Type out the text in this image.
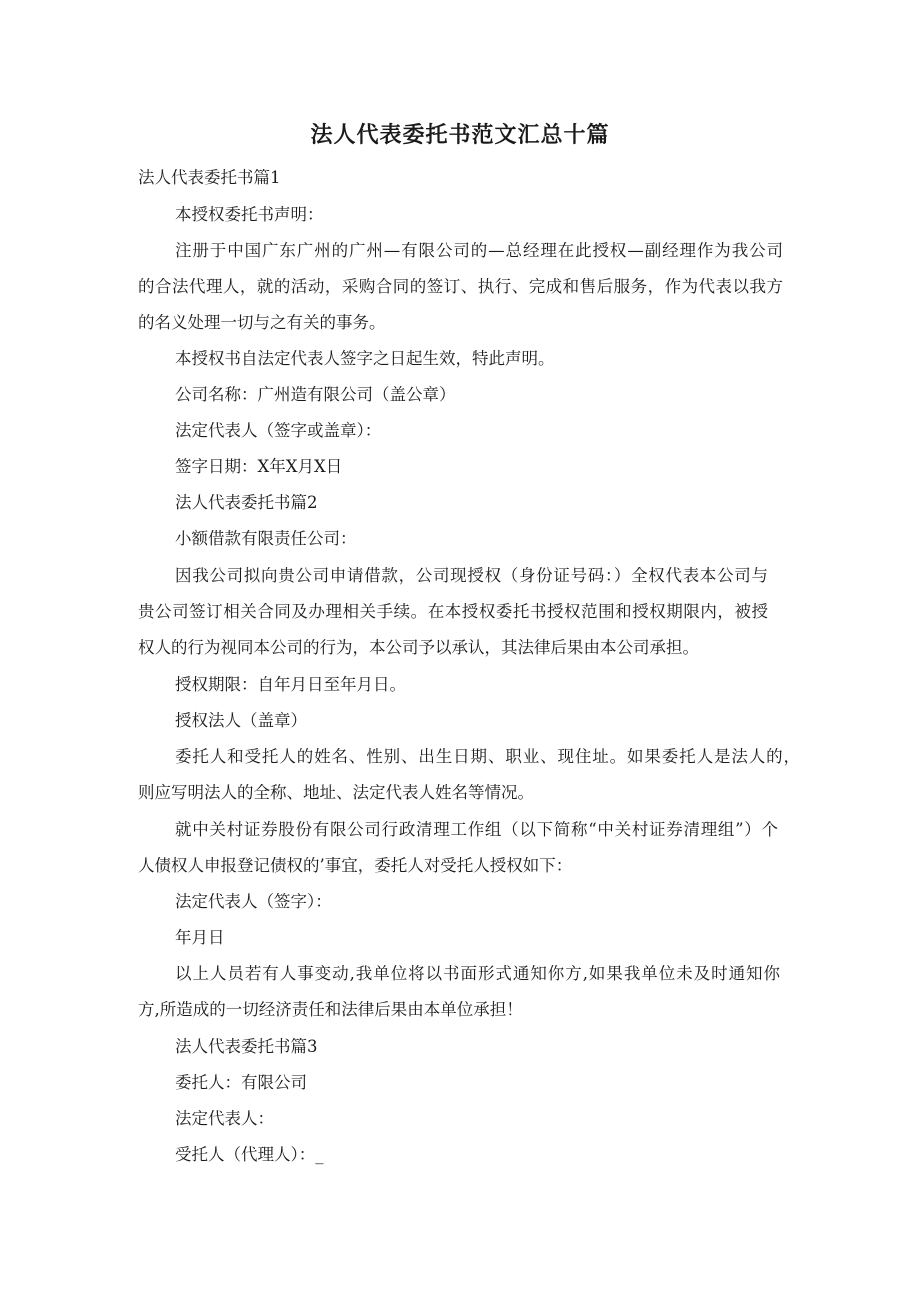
法人代表委托书范文汇总十篇
法人代表委托书篇1
本授权委托书声明：
注册于中国广东广州的广州—有限公司的—总经理在此授权—副经理作为我公司
的合法代理人，就的活动，采购合同的签订、执行、完成和售后服务，作为代表以我方
的名义处理一切与之有关的事务。
本授权书自法定代表人签字之日起生效，特此声明。
公司名称：广州造有限公司（盖公章）
法定代表人（签字或盖章）：
签字日期：X年X月X日
法人代表委托书篇2
小额借款有限责任公司：
因我公司拟向贵公司申请借款，公司现授权（身份证号码：）全权代表本公司与
贵公司签订相关合同及办理相关手续。在本授权委托书授权范围和授权期限内，被授
权人的行为视同本公司的行为，本公司予以承认，其法律后果由本公司承担。
授权期限：自年月日至年月日。
授权法人（盖章）
委托人和受托人的姓名、性别、出生日期、职业、现住址。如果委托人是法人的，
则应写明法人的全称、地址、法定代表人姓名等情况。
就中关村证券股份有限公司行政清理工作组（以下简称“中关村证券清理组”）个
人债权人申报登记债权的’事宜，委托人对受托人授权如下：
法定代表人（签字）：
年月日
以上人员若有人事变动,我单位将以书面形式通知你方,如果我单位未及时通知你
方,所造成的一切经济责任和法律后果由本单位承担！
法人代表委托书篇3
委托人：有限公司
法定代表人：
受托人（代理人）：_
